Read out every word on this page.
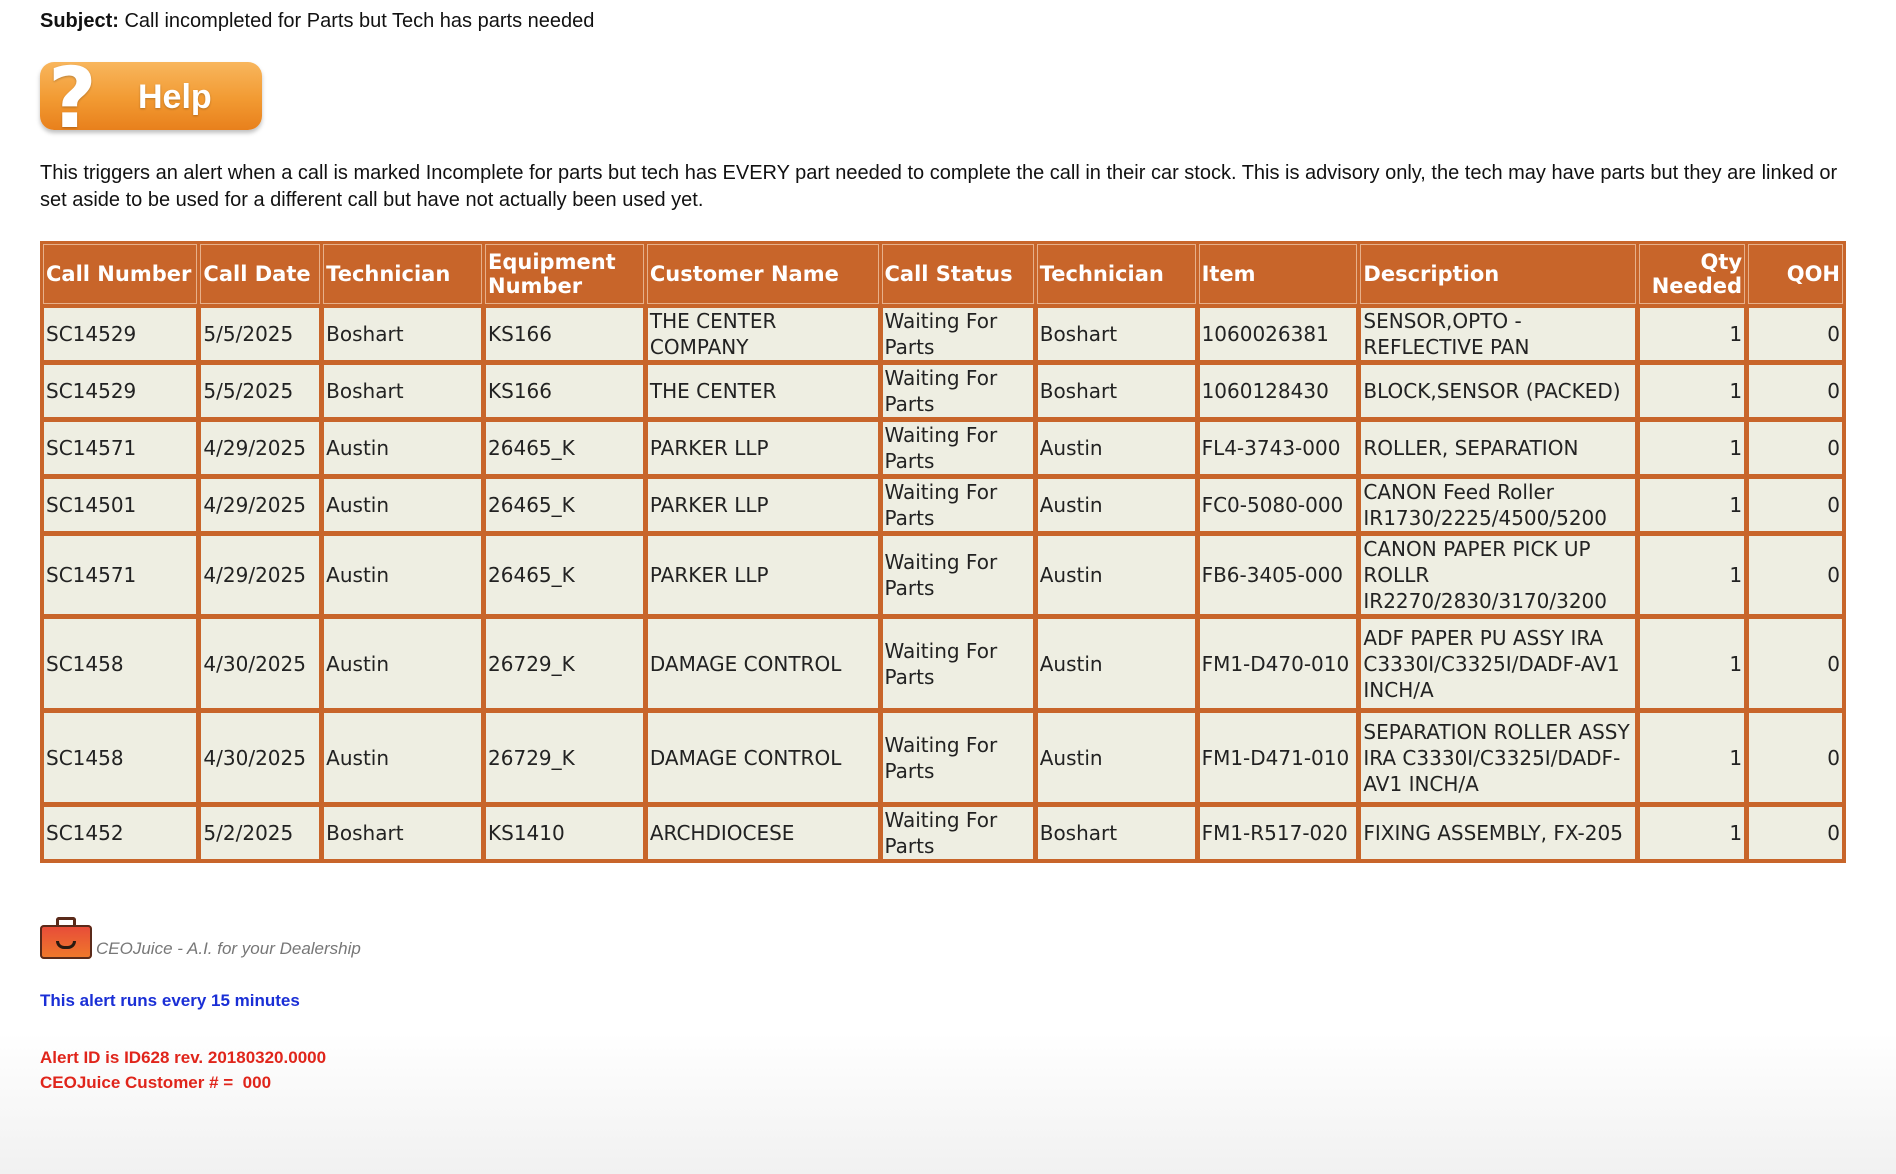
Subject: Call incompleted for Parts but Tech has parts needed
? Help
This triggers an alert when a call is marked Incomplete for parts but tech has EVERY part needed to complete the call in their car stock. This is advisory only, the tech may have parts but they are linked or set aside to be used for a different call but have not actually been used yet.
Call Number	Call Date	Technician	Equipment Number	Customer Name	Call Status	Technician	Item	Description	Qty Needed	QOH
SC14529	5/5/2025	Boshart	KS166	THE CENTER COMPANY	Waiting For Parts	Boshart	1060026381	SENSOR,OPTO - REFLECTIVE PAN	1	0
SC14529	5/5/2025	Boshart	KS166	THE CENTER	Waiting For Parts	Boshart	1060128430	BLOCK,SENSOR (PACKED)	1	0
SC14571	4/29/2025	Austin	26465_K	PARKER LLP	Waiting For Parts	Austin	FL4-3743-000	ROLLER, SEPARATION	1	0
SC14501	4/29/2025	Austin	26465_K	PARKER LLP	Waiting For Parts	Austin	FC0-5080-000	CANON Feed Roller IR1730/2225/4500/5200	1	0
SC14571	4/29/2025	Austin	26465_K	PARKER LLP	Waiting For Parts	Austin	FB6-3405-000	CANON PAPER PICK UP ROLLR IR2270/2830/3170/3200	1	0
SC1458	4/30/2025	Austin	26729_K	DAMAGE CONTROL	Waiting For Parts	Austin	FM1-D470-010	ADF PAPER PU ASSY IRA C3330I/C3325I/DADF-AV1 INCH/A	1	0
SC1458	4/30/2025	Austin	26729_K	DAMAGE CONTROL	Waiting For Parts	Austin	FM1-D471-010	SEPARATION ROLLER ASSY IRA C3330I/C3325I/DADF-AV1 INCH/A	1	0
SC1452	5/2/2025	Boshart	KS1410	ARCHDIOCESE	Waiting For Parts	Boshart	FM1-R517-020	FIXING ASSEMBLY, FX-205	1	0
CEOJuice - A.I. for your Dealership
This alert runs every 15 minutes
Alert ID is ID628 rev. 20180320.0000
CEOJuice Customer # =  000
